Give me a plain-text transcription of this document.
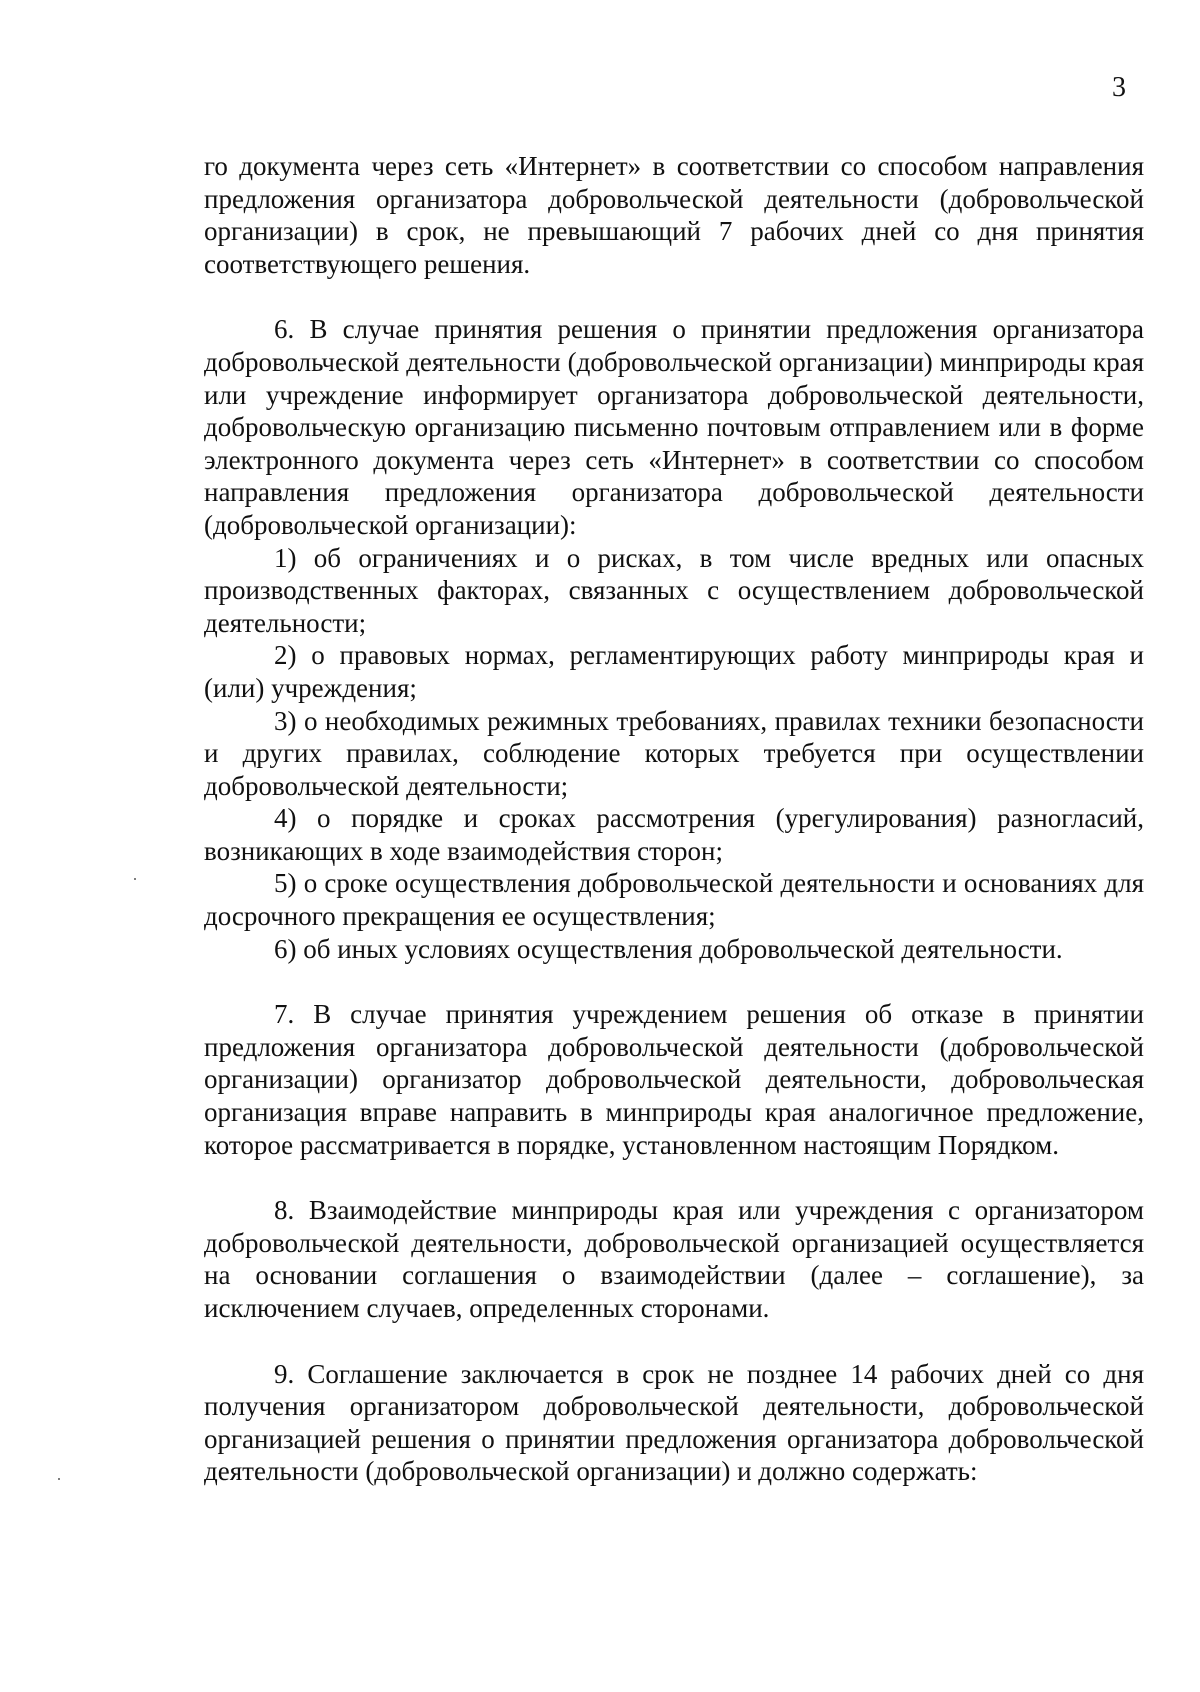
3

го документа через сеть «Интернет» в соответствии со способом направления предложения организатора добровольческой деятельности (добровольческой организации) в срок, не превышающий 7 рабочих дней со дня принятия соответствующего решения.

6. В случае принятия решения о принятии предложения организатора добровольческой деятельности (добровольческой организации) минприроды края или учреждение информирует организатора добровольческой деятельности, добровольческую организацию письменно почтовым отправлением или в форме электронного документа через сеть «Интернет» в соответствии со способом направления предложения организатора добровольческой деятельности (добровольческой организации):

1) об ограничениях и о рисках, в том числе вредных или опасных производственных факторах, связанных с осуществлением добровольческой деятельности;

2) о правовых нормах, регламентирующих работу минприроды края и (или) учреждения;

3) о необходимых режимных требованиях, правилах техники безопасности и других правилах, соблюдение которых требуется при осуществлении добровольческой деятельности;

4) о порядке и сроках рассмотрения (урегулирования) разногласий, возникающих в ходе взаимодействия сторон;

5) о сроке осуществления добровольческой деятельности и основаниях для досрочного прекращения ее осуществления;

6) об иных условиях осуществления добровольческой деятельности.

7. В случае принятия учреждением решения об отказе в принятии предложения организатора добровольческой деятельности (добровольческой организации) организатор добровольческой деятельности, добровольческая организация вправе направить в минприроды края аналогичное предложение, которое рассматривается в порядке, установленном настоящим Порядком.

8. Взаимодействие минприроды края или учреждения с организатором добровольческой деятельности, добровольческой организацией осуществляется на основании соглашения о взаимодействии (далее – соглашение), за исключением случаев, определенных сторонами.

9. Соглашение заключается в срок не позднее 14 рабочих дней со дня получения организатором добровольческой деятельности, добровольческой организацией решения о принятии предложения организатора добровольческой деятельности (добровольческой организации) и должно содержать:
